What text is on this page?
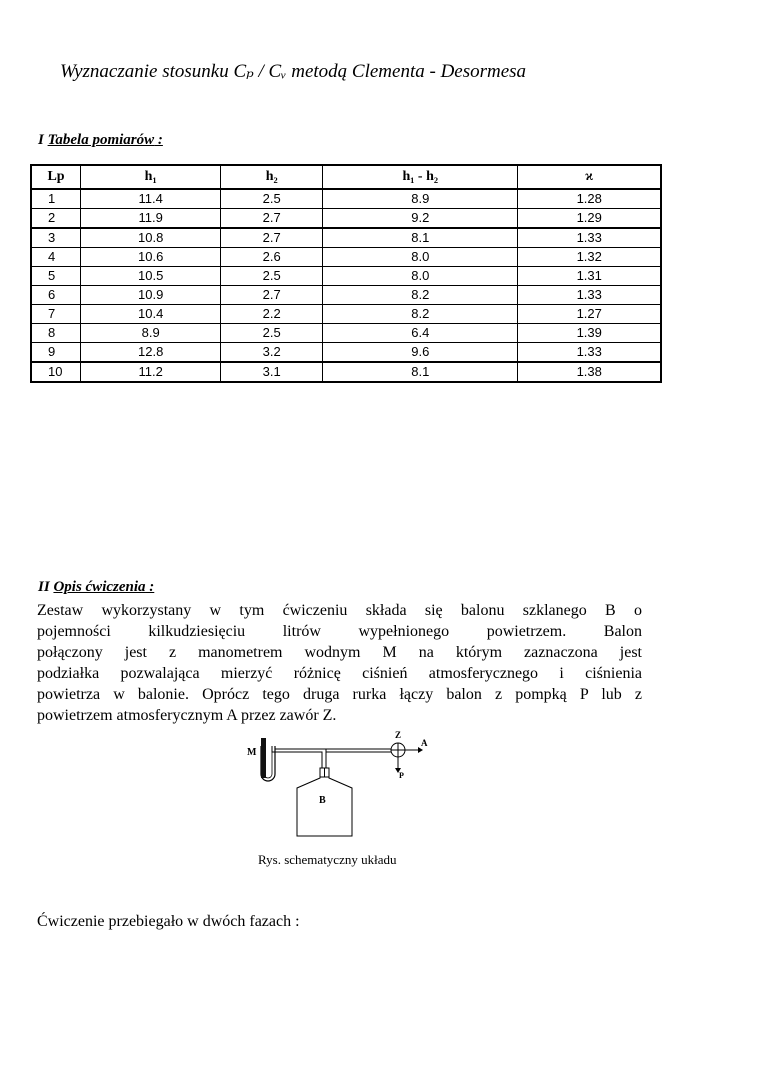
Wyznaczanie stosunku Cₚ / Cᵥ metodą Clementa - Desormesa
I Tabela pomiarów :
Lp	h₁	h₂	h₁ - h₂	ϰ
1	11.4	2.5	8.9	1.28
2	11.9	2.7	9.2	1.29
3	10.8	2.7	8.1	1.33
4	10.6	2.6	8.0	1.32
5	10.5	2.5	8.0	1.31
6	10.9	2.7	8.2	1.33
7	10.4	2.2	8.2	1.27
8	8.9	2.5	6.4	1.39
9	12.8	3.2	9.6	1.33
10	11.2	3.1	8.1	1.38
II Opis ćwiczenia :
Zestaw wykorzystany w tym ćwiczeniu składa się balonu szklanego B o
pojemności kilkudziesięciu litrów wypełnionego powietrzem. Balon
połączony jest z manometrem wodnym M na którym zaznaczona jest
podziałka pozwalająca mierzyć różnicę ciśnień atmosferycznego i ciśnienia
powietrza w balonie. Oprócz tego druga rurka łączy balon z pompką P lub z
powietrzem atmosferycznym A przez zawór Z.
M
B
Z
A
P
Rys. schematyczny układu
Ćwiczenie przebiegało w dwóch fazach :
